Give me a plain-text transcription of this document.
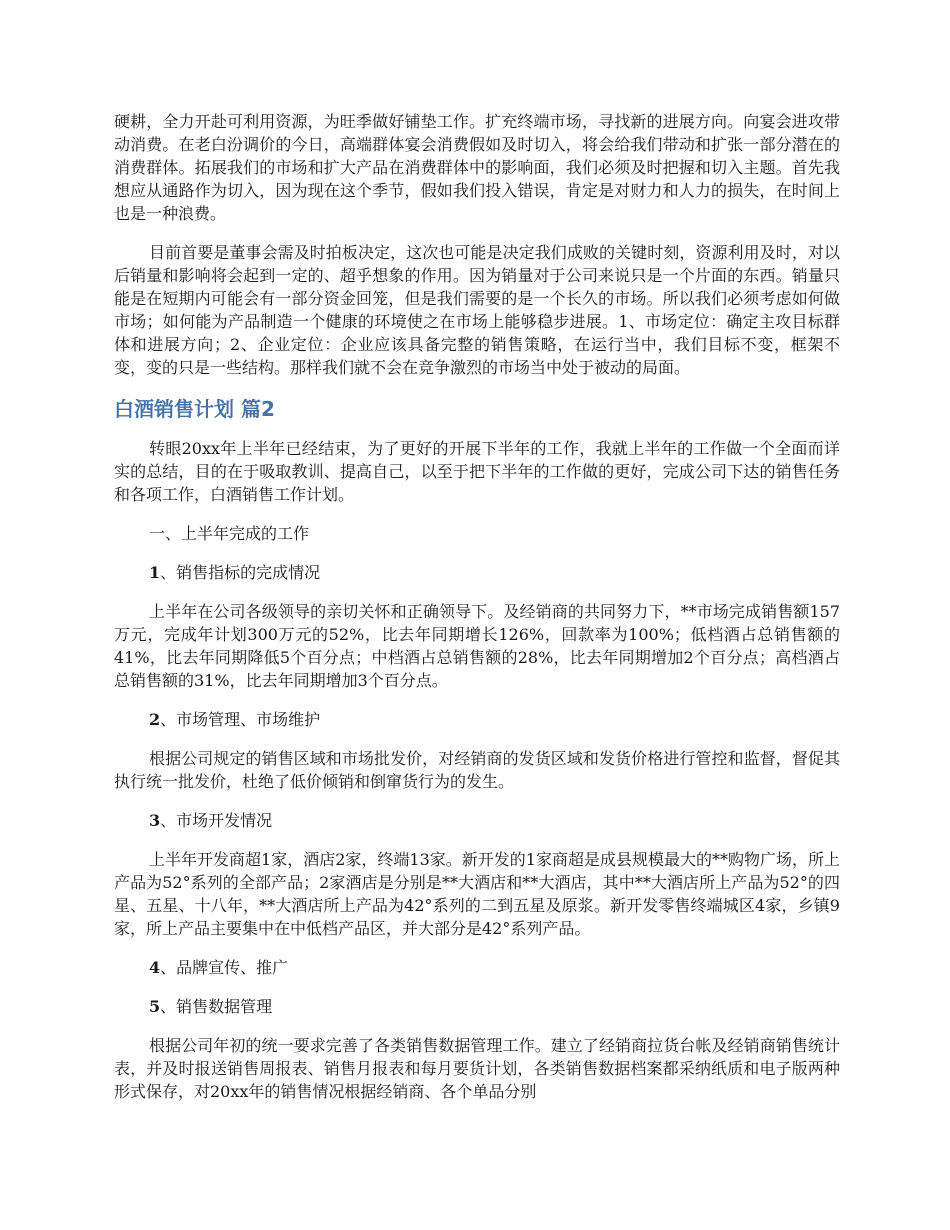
硬耕，全力开赴可利用资源，为旺季做好铺垫工作。扩充终端市场，寻找新的进展方向。向宴会进攻带动消费。在老白汾调价的今日，高端群体宴会消费假如及时切入，将会给我们带动和扩张一部分潜在的消费群体。拓展我们的市场和扩大产品在消费群体中的影响面，我们必须及时把握和切入主题。首先我想应从通路作为切入，因为现在这个季节，假如我们投入错误，肯定是对财力和人力的损失，在时间上也是一种浪费。

目前首要是董事会需及时拍板决定，这次也可能是决定我们成败的关键时刻，资源利用及时，对以后销量和影响将会起到一定的、超乎想象的作用。因为销量对于公司来说只是一个片面的东西。销量只能是在短期内可能会有一部分资金回笼，但是我们需要的是一个长久的市场。所以我们必须考虑如何做市场；如何能为产品制造一个健康的环境使之在市场上能够稳步进展。1、市场定位：确定主攻目标群体和进展方向；2、企业定位：企业应该具备完整的销售策略，在运行当中，我们目标不变，框架不变，变的只是一些结构。那样我们就不会在竞争激烈的市场当中处于被动的局面。

白酒销售计划 篇2

转眼20xx年上半年已经结束，为了更好的开展下半年的工作，我就上半年的工作做一个全面而详实的总结，目的在于吸取教训、提高自己，以至于把下半年的工作做的更好，完成公司下达的销售任务和各项工作，白酒销售工作计划。

一、上半年完成的工作

1、销售指标的完成情况

上半年在公司各级领导的亲切关怀和正确领导下。及经销商的共同努力下，**市场完成销售额157万元，完成年计划300万元的52%，比去年同期增长126%，回款率为100%；低档酒占总销售额的41%，比去年同期降低5个百分点；中档酒占总销售额的28%，比去年同期增加2个百分点；高档酒占总销售额的31%，比去年同期增加3个百分点。

2、市场管理、市场维护

根据公司规定的销售区域和市场批发价，对经销商的发货区域和发货价格进行管控和监督，督促其执行统一批发价，杜绝了低价倾销和倒窜货行为的发生。

3、市场开发情况

上半年开发商超1家，酒店2家，终端13家。新开发的1家商超是成县规模最大的**购物广场，所上产品为52°系列的全部产品；2家酒店是分别是**大酒店和**大酒店，其中**大酒店所上产品为52°的四星、五星、十八年，**大酒店所上产品为42°系列的二到五星及原浆。新开发零售终端城区4家，乡镇9家，所上产品主要集中在中低档产品区，并大部分是42°系列产品。

4、品牌宣传、推广

5、销售数据管理

根据公司年初的统一要求完善了各类销售数据管理工作。建立了经销商拉货台帐及经销商销售统计表，并及时报送销售周报表、销售月报表和每月要货计划，各类销售数据档案都采纳纸质和电子版两种形式保存，对20xx年的销售情况根据经销商、各个单品分别
